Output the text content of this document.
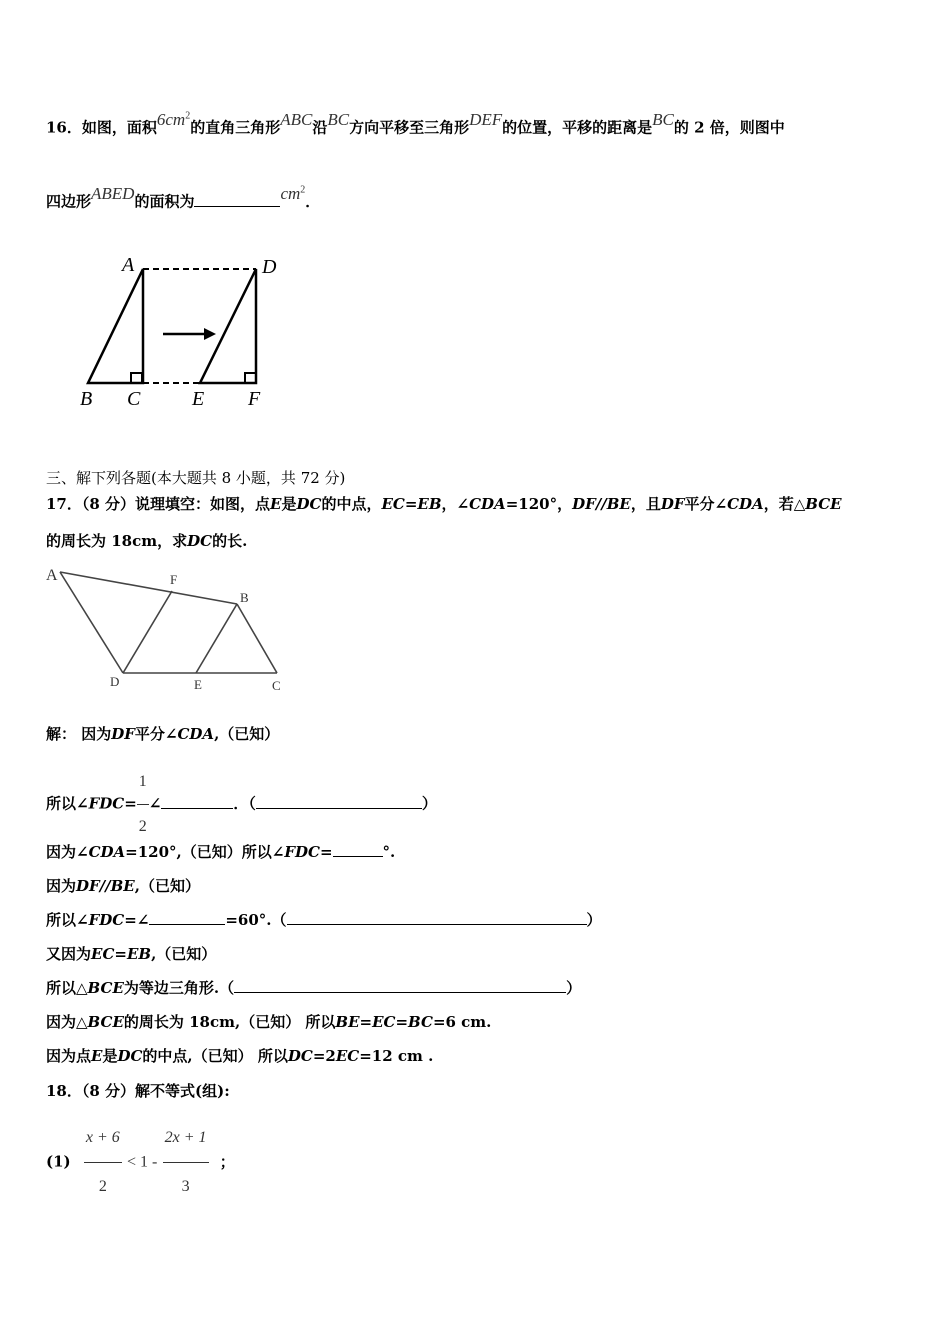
16．如图，面积$6cm^2$的直角三角形ABC沿BC方向平移至三角形DEF的位置，平移的距离是BC的 2 倍，则图中
四边形ABED的面积为	$cm^2$．
A	D
B C	E F
三、解下列各题(本大题共 8 小题，共 72 分)
17．（8 分）说理填空：如图，点E是DC的中点，EC=EB，∠CDA=120°，DF//BE，且DF平分∠CDA，若△BCE
的周长为 18cm，求DC的长.
A	F
B
D	E	C
解： 因为DF平分∠CDA,（已知）
所以∠FDC= $\frac{1}{2}$ ∠	．（	）
因为∠CDA=120°,（已知）所以∠FDC=	°.
因为DF//BE,（已知）
所以∠FDC=∠	=60°.（	）
又因为EC=EB,（已知）
所以△BCE为等边三角形.（	）
因为△BCE的周长为 18cm,（已知） 所以BE=EC=BC=6 cm.
因为点E是DC的中点,（已知） 所以DC=2EC=12 cm .
18．（8 分）解不等式(组):
$(1) \frac{x + 6}{2} < 1 - \frac{2x + 1}{3}$ ；
